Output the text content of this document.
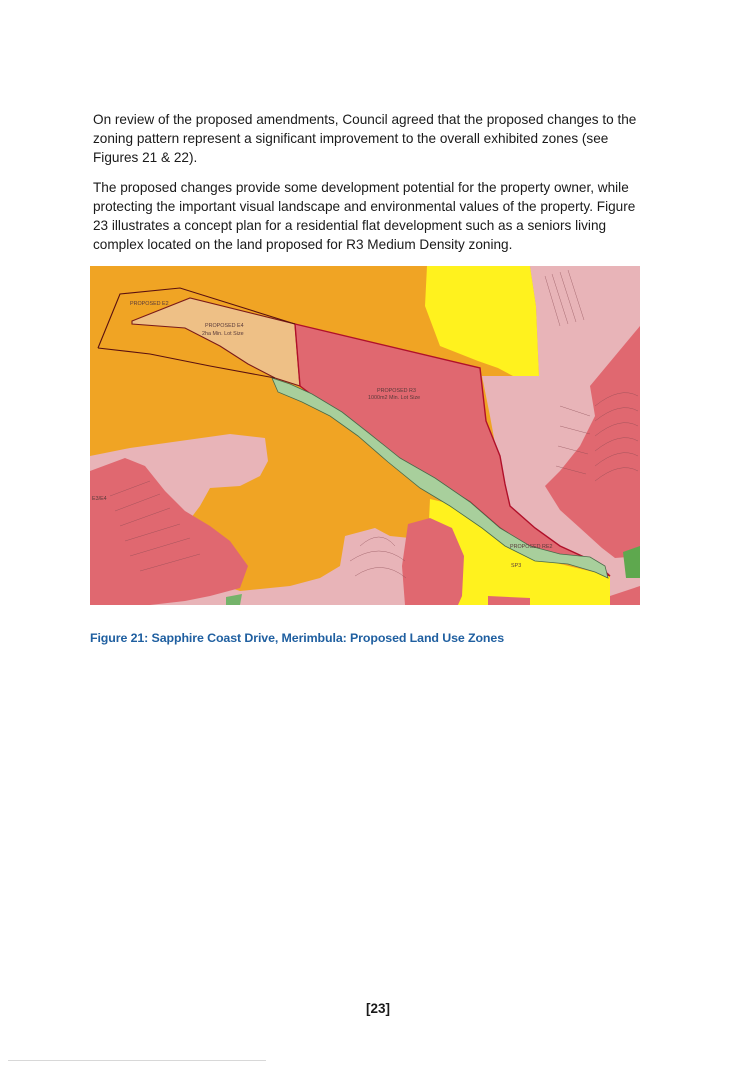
On review of the proposed amendments, Council agreed that the proposed changes to the zoning pattern represent a significant improvement to the overall exhibited zones (see Figures 21 & 22).

The proposed changes provide some development potential for the property owner, while protecting the important visual landscape and environmental values of the property. Figure 23 illustrates a concept plan for a residential flat development such as a seniors living complex located on the land proposed for R3 Medium Density zoning.

PROPOSED E2
PROPOSED E4
2ha Min. Lot Size
PROPOSED R3
1000m2 Min. Lot Size
PROPOSED RE2
SP3
E3/E4
Figure 21: Sapphire Coast Drive, Merimbula: Proposed Land Use Zones
[23]
